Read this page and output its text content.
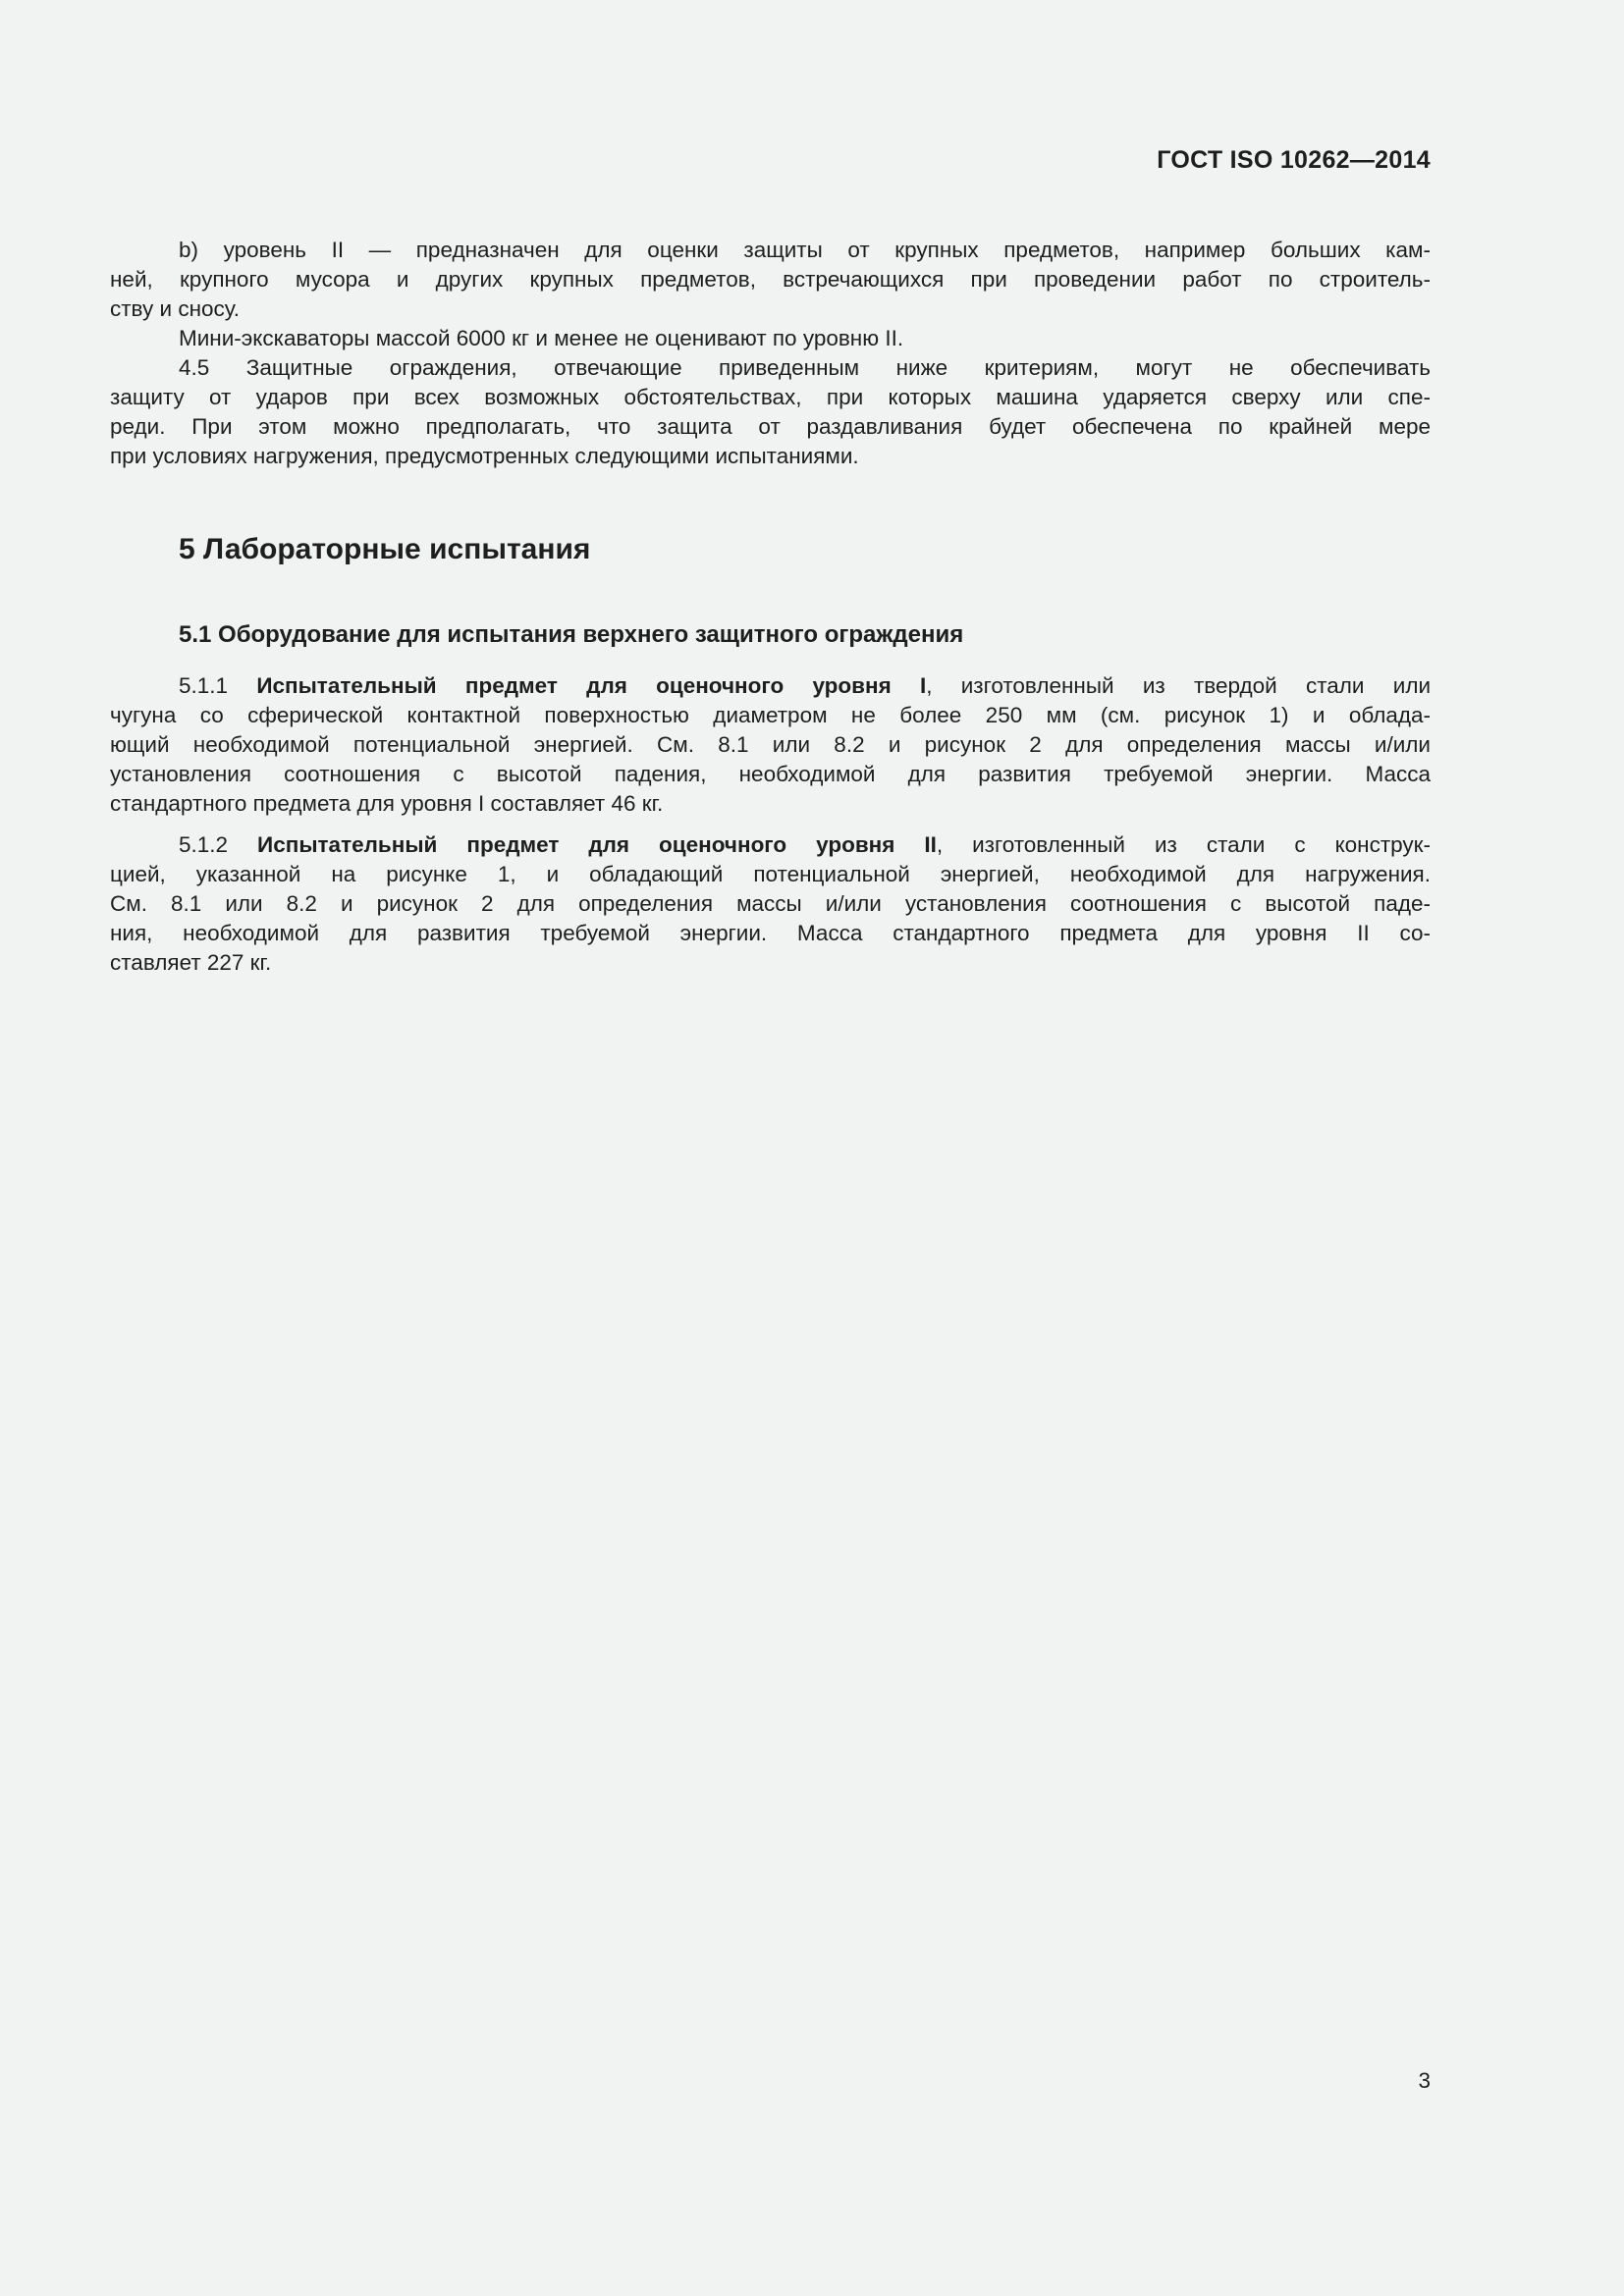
ГОСТ ISO 10262—2014
b) уровень II — предназначен для оценки защиты от крупных предметов, например больших кам-
ней, крупного мусора и других крупных предметов, встречающихся при проведении работ по строитель-
ству и сносу.
Мини-экскаваторы массой 6000 кг и менее не оценивают по уровню II.
4.5 Защитные ограждения, отвечающие приведенным ниже критериям, могут не обеспечивать
защиту от ударов при всех возможных обстоятельствах, при которых машина ударяется сверху или спе-
реди. При этом можно предполагать, что защита от раздавливания будет обеспечена по крайней мере
при условиях нагружения, предусмотренных следующими испытаниями.
5 Лабораторные испытания
5.1 Оборудование для испытания верхнего защитного ограждения
5.1.1 Испытательный предмет для оценочного уровня I, изготовленный из твердой стали или
чугуна со сферической контактной поверхностью диаметром не более 250 мм (см. рисунок 1) и облада-
ющий необходимой потенциальной энергией. См. 8.1 или 8.2 и рисунок 2 для определения массы и/или
установления соотношения с высотой падения, необходимой для развития требуемой энергии. Масса
стандартного предмета для уровня I составляет 46 кг.
5.1.2 Испытательный предмет для оценочного уровня II, изготовленный из стали с конструк-
цией, указанной на рисунке 1, и обладающий потенциальной энергией, необходимой для нагружения.
См. 8.1 или 8.2 и рисунок 2 для определения массы и/или установления соотношения с высотой паде-
ния, необходимой для развития требуемой энергии. Масса стандартного предмета для уровня II со-
ставляет 227 кг.
3
